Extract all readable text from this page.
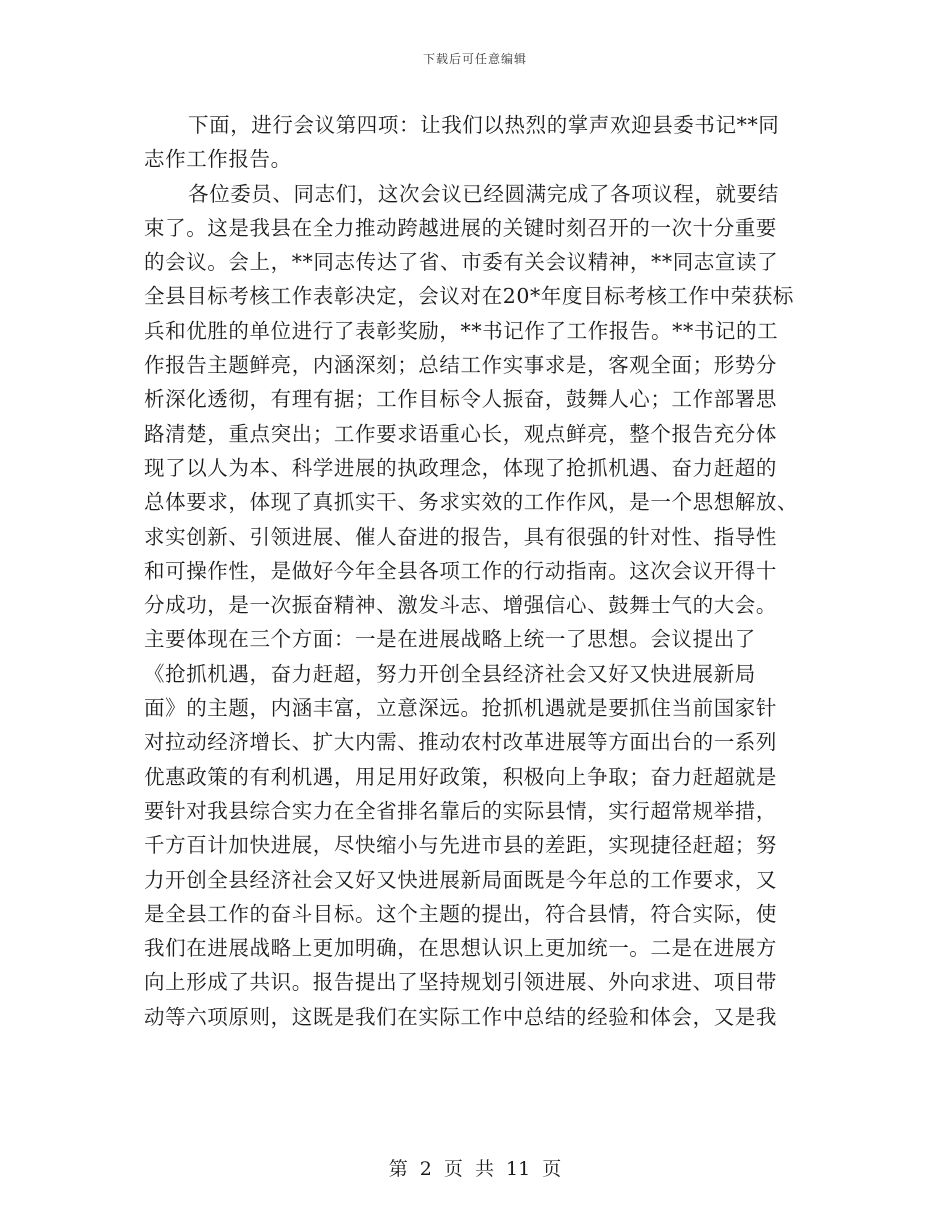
下载后可任意编辑
下面，进行会议第四项：让我们以热烈的掌声欢迎县委书记**同
志作工作报告。
各位委员、同志们，这次会议已经圆满完成了各项议程，就要结
束了。这是我县在全力推动跨越进展的关键时刻召开的一次十分重要
的会议。会上，**同志传达了省、市委有关会议精神，**同志宣读了
全县目标考核工作表彰决定，会议对在20*年度目标考核工作中荣获标
兵和优胜的单位进行了表彰奖励，**书记作了工作报告。**书记的工
作报告主题鲜亮，内涵深刻；总结工作实事求是，客观全面；形势分
析深化透彻，有理有据；工作目标令人振奋，鼓舞人心；工作部署思
路清楚，重点突出；工作要求语重心长，观点鲜亮，整个报告充分体
现了以人为本、科学进展的执政理念，体现了抢抓机遇、奋力赶超的
总体要求，体现了真抓实干、务求实效的工作作风，是一个思想解放、
求实创新、引领进展、催人奋进的报告，具有很强的针对性、指导性
和可操作性，是做好今年全县各项工作的行动指南。这次会议开得十
分成功，是一次振奋精神、激发斗志、增强信心、鼓舞士气的大会。
主要体现在三个方面：一是在进展战略上统一了思想。会议提出了
《抢抓机遇，奋力赶超，努力开创全县经济社会又好又快进展新局
面》的主题，内涵丰富，立意深远。抢抓机遇就是要抓住当前国家针
对拉动经济增长、扩大内需、推动农村改革进展等方面出台的一系列
优惠政策的有利机遇，用足用好政策，积极向上争取；奋力赶超就是
要针对我县综合实力在全省排名靠后的实际县情，实行超常规举措，
千方百计加快进展，尽快缩小与先进市县的差距，实现捷径赶超；努
力开创全县经济社会又好又快进展新局面既是今年总的工作要求，又
是全县工作的奋斗目标。这个主题的提出，符合县情，符合实际，使
我们在进展战略上更加明确，在思想认识上更加统一。二是在进展方
向上形成了共识。报告提出了坚持规划引领进展、外向求进、项目带
动等六项原则，这既是我们在实际工作中总结的经验和体会，又是我
第 2 页 共 11 页
